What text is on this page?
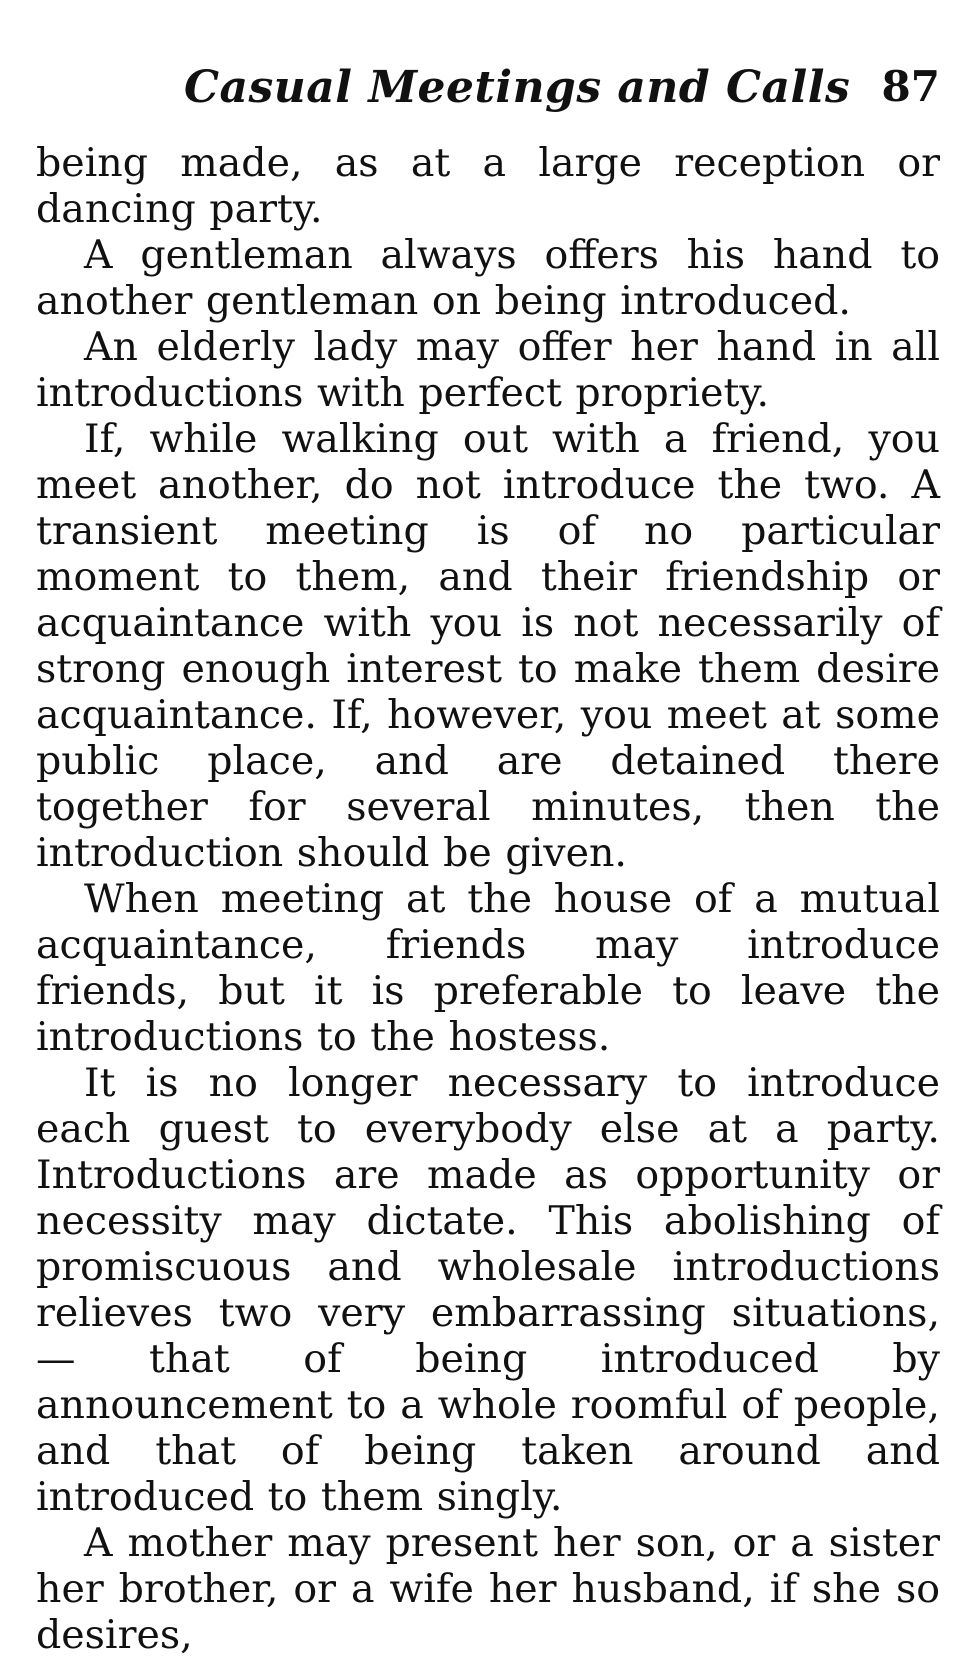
Casual Meetings and Calls 87

being made, as at a large reception or dancing party.

A gentleman always offers his hand to another gentleman on being introduced.

An elderly lady may offer her hand in all introductions with perfect propriety.

If, while walking out with a friend, you meet another, do not introduce the two. A transient meeting is of no particular moment to them, and their friendship or acquaintance with you is not necessarily of strong enough interest to make them desire acquaintance. If, however, you meet at some public place, and are detained there together for several minutes, then the introduction should be given.

When meeting at the house of a mutual acquaintance, friends may introduce friends, but it is preferable to leave the introductions to the hostess.

It is no longer necessary to introduce each guest to everybody else at a party. Introductions are made as opportunity or necessity may dictate. This abolishing of promiscuous and wholesale introductions relieves two very embarrassing situations, — that of being introduced by announcement to a whole roomful of people, and that of being taken around and introduced to them singly.

A mother may present her son, or a sister her brother, or a wife her husband, if she so desires,
